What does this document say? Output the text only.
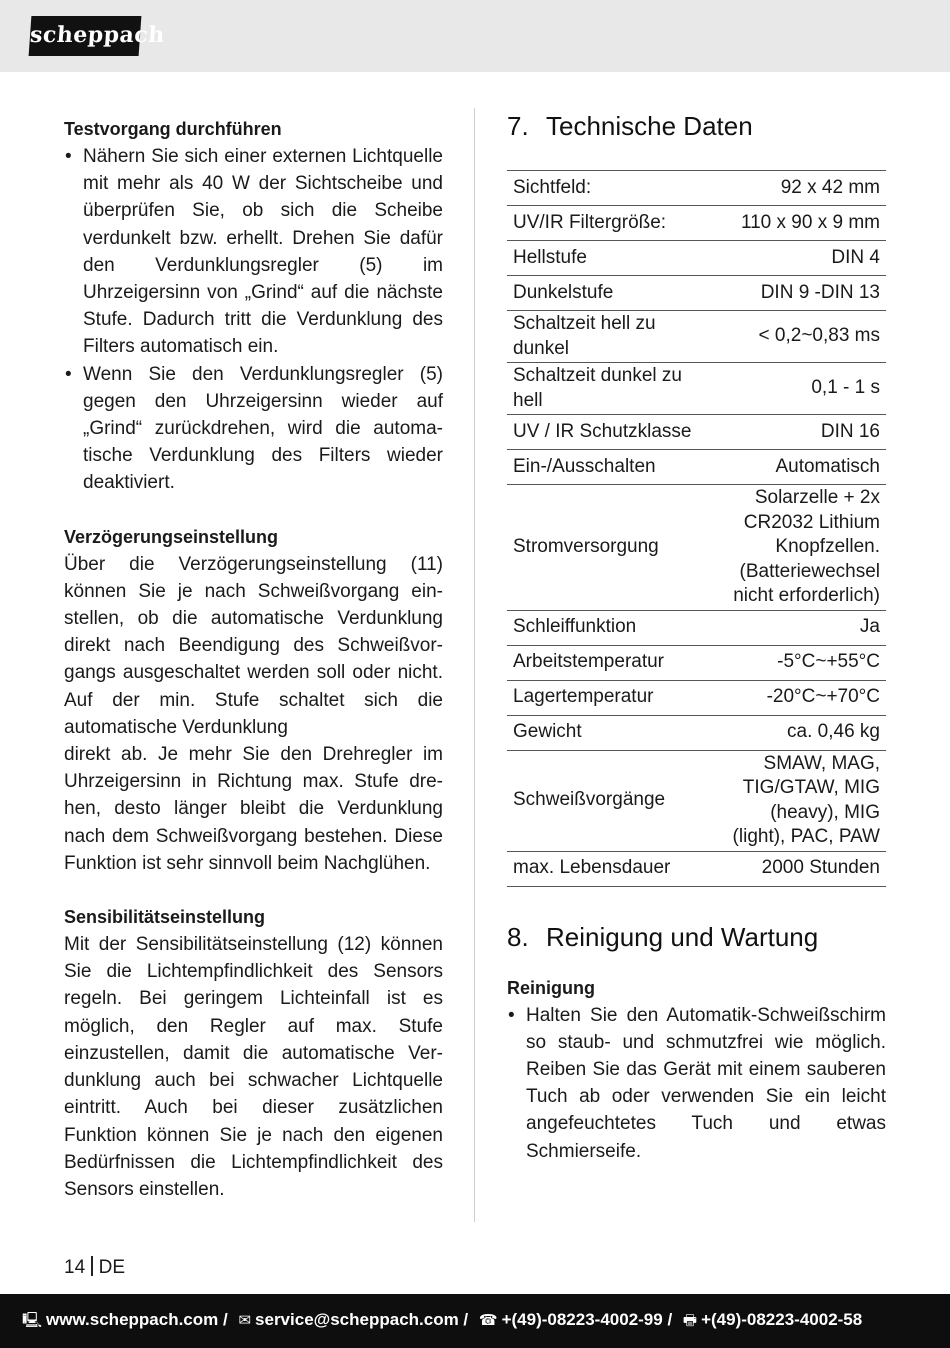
scheppach
Testvorgang durchführen
• Nähern Sie sich einer externen Lichtquelle mit mehr als 40 W der Sichtscheibe und überprüfen Sie, ob sich die Scheibe verdunkelt bzw. erhellt. Drehen Sie dafür den Verdunklungsregler (5) im Uhrzeigersinn von „Grind“ auf die nächste Stufe. Dadurch tritt die Verdunklung des Filters automatisch ein.
• Wenn Sie den Verdunklungsregler (5) gegen den Uhrzeigersinn wieder auf „Grind“ zurückdrehen, wird die automatische Verdunklung des Filters wieder deaktiviert.
Verzögerungseinstellung

Über die Verzögerungseinstellung (11) können Sie je nach Schweißvorgang einstellen, ob die automatische Verdunklung direkt nach Beendigung des Schweißvorgangs ausgeschaltet werden soll oder nicht. Auf der min. Stufe schaltet sich die automatische Verdunklung

direkt ab. Je mehr Sie den Drehregler im Uhrzeigersinn in Richtung max. Stufe drehen, desto länger bleibt die Verdunklung nach dem Schweißvorgang bestehen. Diese Funktion ist sehr sinnvoll beim Nachglühen.

Sensibilitätseinstellung

Mit der Sensibilitätseinstellung (12) können Sie die Lichtempfindlichkeit des Sensors regeln. Bei geringem Lichteinfall ist es möglich, den Regler auf max. Stufe einzustellen, damit die automatische Verdunklung auch bei schwacher Lichtquelle eintritt. Auch bei dieser zusätzlichen Funktion können Sie je nach den eigenen Bedürfnissen die Lichtempfindlichkeit des Sensors einstellen.

7. Technische Daten
Sichtfeld:	92 x 42 mm
UV/IR Filtergröße:	110 x 90 x 9 mm
Hellstufe	DIN 4
Dunkelstufe	DIN 9 -DIN 13
Schaltzeit hell zu dunkel	< 0,2~0,83 ms
Schaltzeit dunkel zu hell	0,1 - 1 s
UV / IR Schutzklasse	DIN 16
Ein-/Ausschalten	Automatisch
Stromversorgung	Solarzelle + 2x CR2032 Lithium Knopfzellen. (Batteriewechsel nicht erforderlich)
Schleiffunktion	Ja
Arbeitstemperatur	-5°C~+55°C
Lagertemperatur	-20°C~+70°C
Gewicht	ca. 0,46 kg
Schweißvorgänge	SMAW, MAG, TIG/GTAW, MIG (heavy), MIG (light), PAC, PAW
max. Lebensdauer	2000 Stunden
8. Reinigung und Wartung
Reinigung
• Halten Sie den Automatik-Schweißschirm so staub- und schmutzfrei wie möglich. Reiben Sie das Gerät mit einem sauberen Tuch ab oder verwenden Sie ein leicht angefeuchtetes Tuch und etwas Schmierseife.
14 DE
🖳 www.scheppach.com / ✉ service@scheppach.com / ☎ +(49)-08223-4002-99 / 🖶 +(49)-08223-4002-58
